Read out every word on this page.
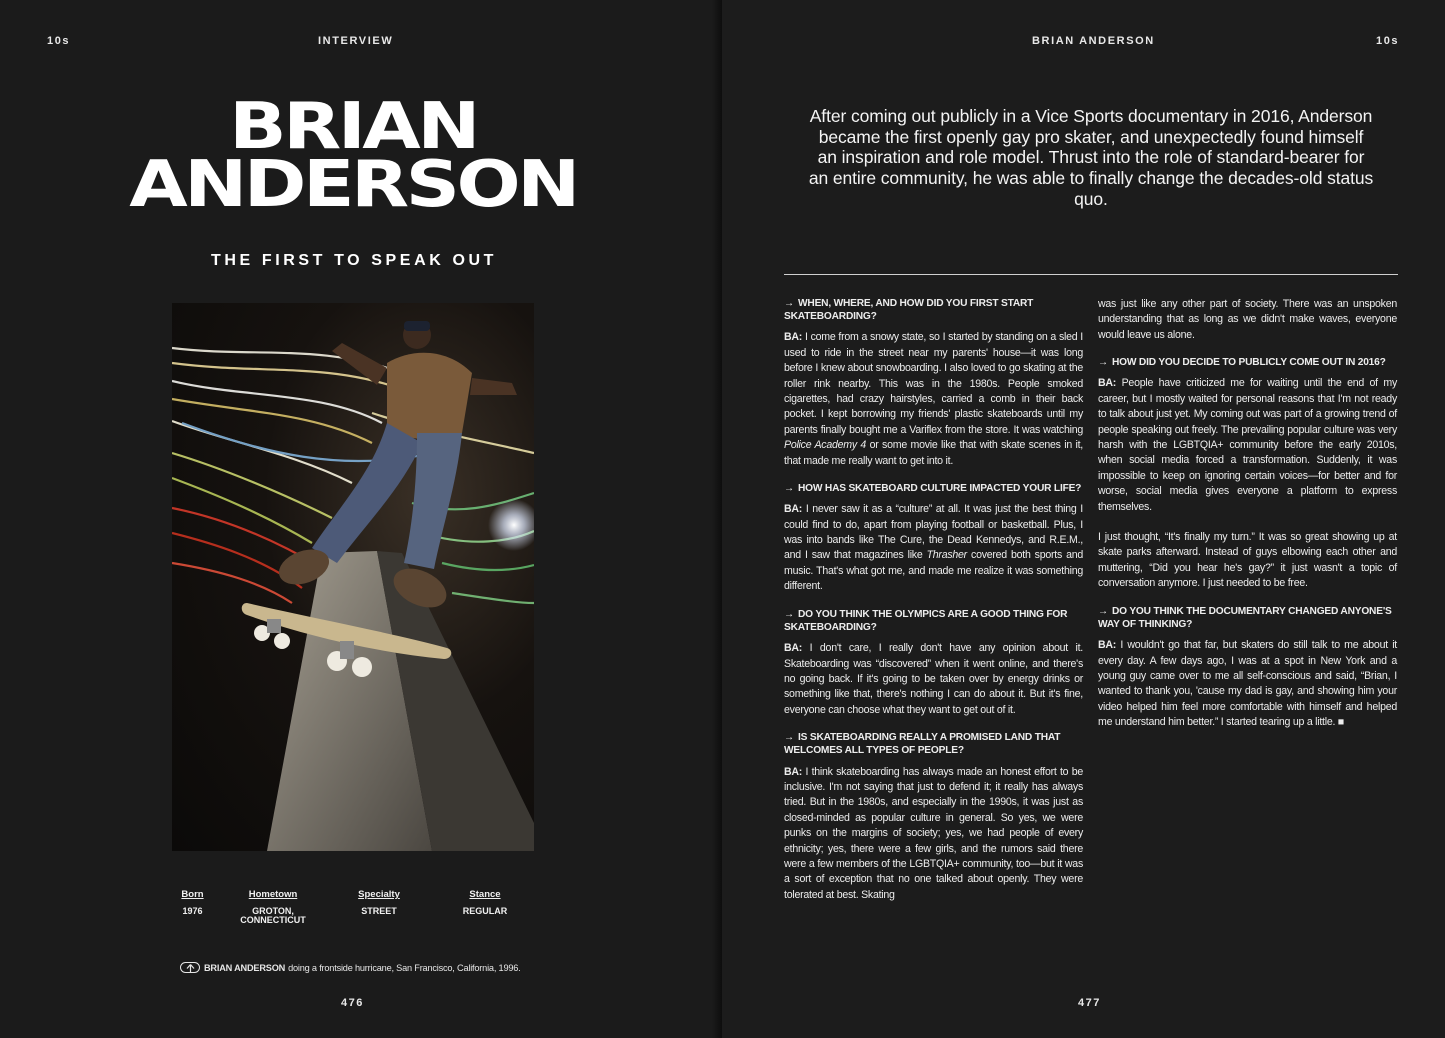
10s	INTERVIEW
BRIAN
ANDERSON
THE FIRST TO SPEAK OUT
Born
1976
Hometown
GROTON,
CONNECTICUT
Specialty
STREET
Stance
REGULAR
BRIAN ANDERSON doing a frontside hurricane, San Francisco, California, 1996.
476
BRIAN ANDERSON	10s
477

After coming out publicly in a Vice Sports documentary in 2016, Anderson became the first openly gay pro skater, and unexpectedly found himself an inspiration and role model. Thrust into the role of standard-bearer for an entire community, he was able to finally change the decades-old status quo.

→ WHEN, WHERE, AND HOW DID YOU FIRST START SKATEBOARDING?

BA: I come from a snowy state, so I started by standing on a sled I used to ride in the street near my parents' house—it was long before I knew about snowboarding. I also loved to go skating at the roller rink nearby. This was in the 1980s. People smoked cigarettes, had crazy hairstyles, carried a comb in their back pocket. I kept borrowing my friends' plastic skateboards until my parents finally bought me a Variflex from the store. It was watching Police Academy 4 or some movie like that with skate scenes in it, that made me really want to get into it.

→ HOW HAS SKATEBOARD CULTURE IMPACTED YOUR LIFE?

BA: I never saw it as a “culture” at all. It was just the best thing I could find to do, apart from playing football or basketball. Plus, I was into bands like The Cure, the Dead Kennedys, and R.E.M., and I saw that magazines like Thrasher covered both sports and music. That's what got me, and made me realize it was something different.

→ DO YOU THINK THE OLYMPICS ARE A GOOD THING FOR SKATEBOARDING?

BA: I don't care, I really don't have any opinion about it. Skateboarding was “discovered” when it went online, and there's no going back. If it's going to be taken over by energy drinks or something like that, there's nothing I can do about it. But it's fine, everyone can choose what they want to get out of it.

→ IS SKATEBOARDING REALLY A PROMISED LAND THAT WELCOMES ALL TYPES OF PEOPLE?

BA: I think skateboarding has always made an honest effort to be inclusive. I'm not saying that just to defend it; it really has always tried. But in the 1980s, and especially in the 1990s, it was just as closed-minded as popular culture in general. So yes, we were punks on the margins of society; yes, we had people of every ethnicity; yes, there were a few girls, and the rumors said there were a few members of the LGBTQIA+ community, too—but it was a sort of exception that no one talked about openly. They were tolerated at best. Skating

was just like any other part of society. There was an unspoken understanding that as long as we didn't make waves, everyone would leave us alone.

→ HOW DID YOU DECIDE TO PUBLICLY COME OUT IN 2016?

BA: People have criticized me for waiting until the end of my career, but I mostly waited for personal reasons that I'm not ready to talk about just yet. My coming out was part of a growing trend of people speaking out freely. The prevailing popular culture was very harsh with the LGBTQIA+ community before the early 2010s, when social media forced a transformation. Suddenly, it was impossible to keep on ignoring certain voices—for better and for worse, social media gives everyone a platform to express themselves.

I just thought, “It's finally my turn.” It was so great showing up at skate parks afterward. Instead of guys elbowing each other and muttering, “Did you hear he's gay?” it just wasn't a topic of conversation anymore. I just needed to be free.

→ DO YOU THINK THE DOCUMENTARY CHANGED ANYONE'S WAY OF THINKING?

BA: I wouldn't go that far, but skaters do still talk to me about it every day. A few days ago, I was at a spot in New York and a young guy came over to me all self-conscious and said, “Brian, I wanted to thank you, 'cause my dad is gay, and showing him your video helped him feel more comfortable with himself and helped me understand him better.” I started tearing up a little. ■
